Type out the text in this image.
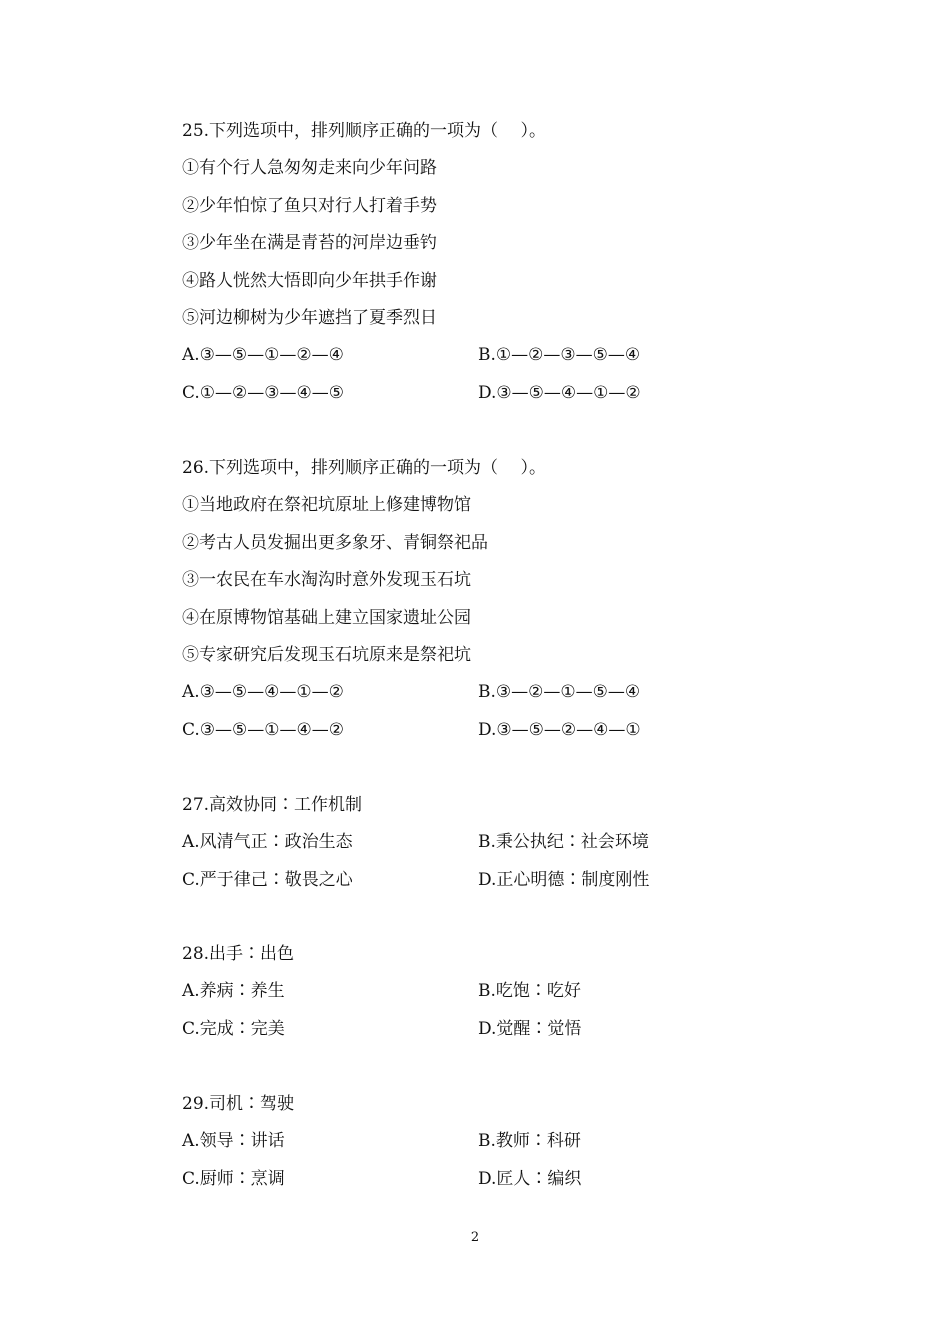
25.下列选项中，排列顺序正确的一项为（　 ）。
①有个行人急匆匆走来向少年问路
②少年怕惊了鱼只对行人打着手势
③少年坐在满是青苔的河岸边垂钓
④路人恍然大悟即向少年拱手作谢
⑤河边柳树为少年遮挡了夏季烈日
A.③—⑤—①—②—④	B.①—②—③—⑤—④
C.①—②—③—④—⑤	D.③—⑤—④—①—②
26.下列选项中，排列顺序正确的一项为（　 ）。
①当地政府在祭祀坑原址上修建博物馆
②考古人员发掘出更多象牙、青铜祭祀品
③一农民在车水淘沟时意外发现玉石坑
④在原博物馆基础上建立国家遗址公园
⑤专家研究后发现玉石坑原来是祭祀坑
A.③—⑤—④—①—②	B.③—②—①—⑤—④
C.③—⑤—①—④—②	D.③—⑤—②—④—①
27.高效协同∶工作机制
A.风清气正∶政治生态	B.秉公执纪∶社会环境
C.严于律己∶敬畏之心	D.正心明德∶制度刚性
28.出手∶出色
A.养病∶养生	B.吃饱∶吃好
C.完成∶完美	D.觉醒∶觉悟
29.司机∶驾驶
A.领导∶讲话	B.教师∶科研
C.厨师∶烹调	D.匠人∶编织
2
